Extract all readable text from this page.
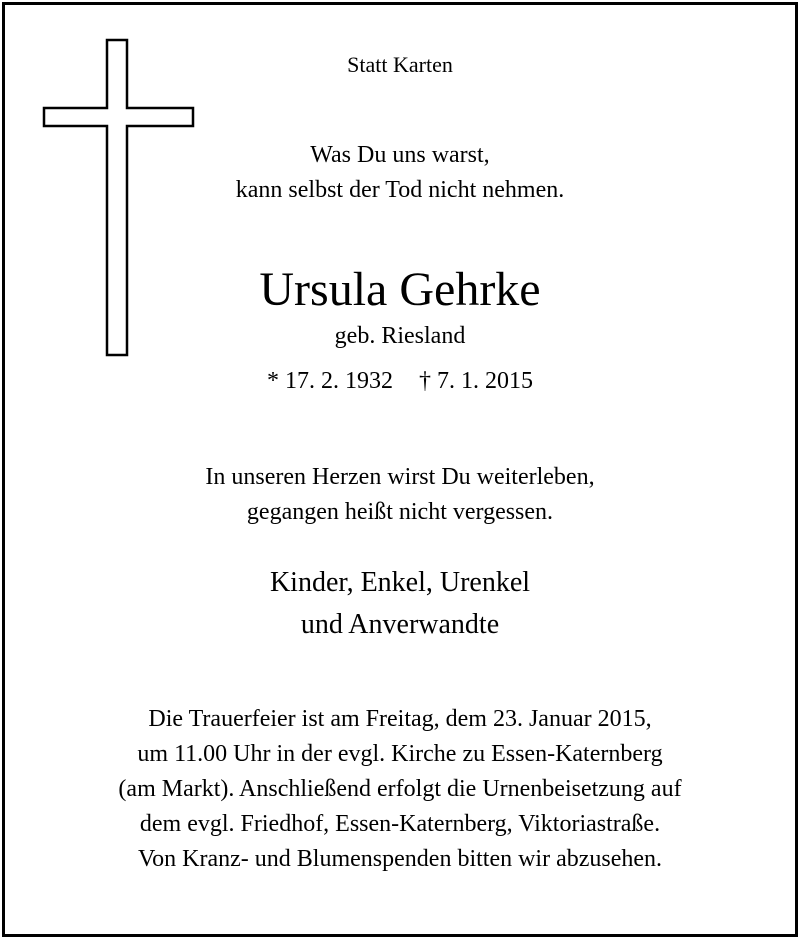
Statt Karten
Was Du uns warst,
kann selbst der Tod nicht nehmen.
Ursula Gehrke
geb. Riesland
* 17. 2. 1932 † 7. 1. 2015
In unseren Herzen wirst Du weiterleben,
gegangen heißt nicht vergessen.
Kinder, Enkel, Urenkel
und Anverwandte
Die Trauerfeier ist am Freitag, dem 23. Januar 2015,
um 11.00 Uhr in der evgl. Kirche zu Essen-Katernberg
(am Markt). Anschließend erfolgt die Urnenbeisetzung auf
dem evgl. Friedhof, Essen-Katernberg, Viktoriastraße.
Von Kranz- und Blumenspenden bitten wir abzusehen.
